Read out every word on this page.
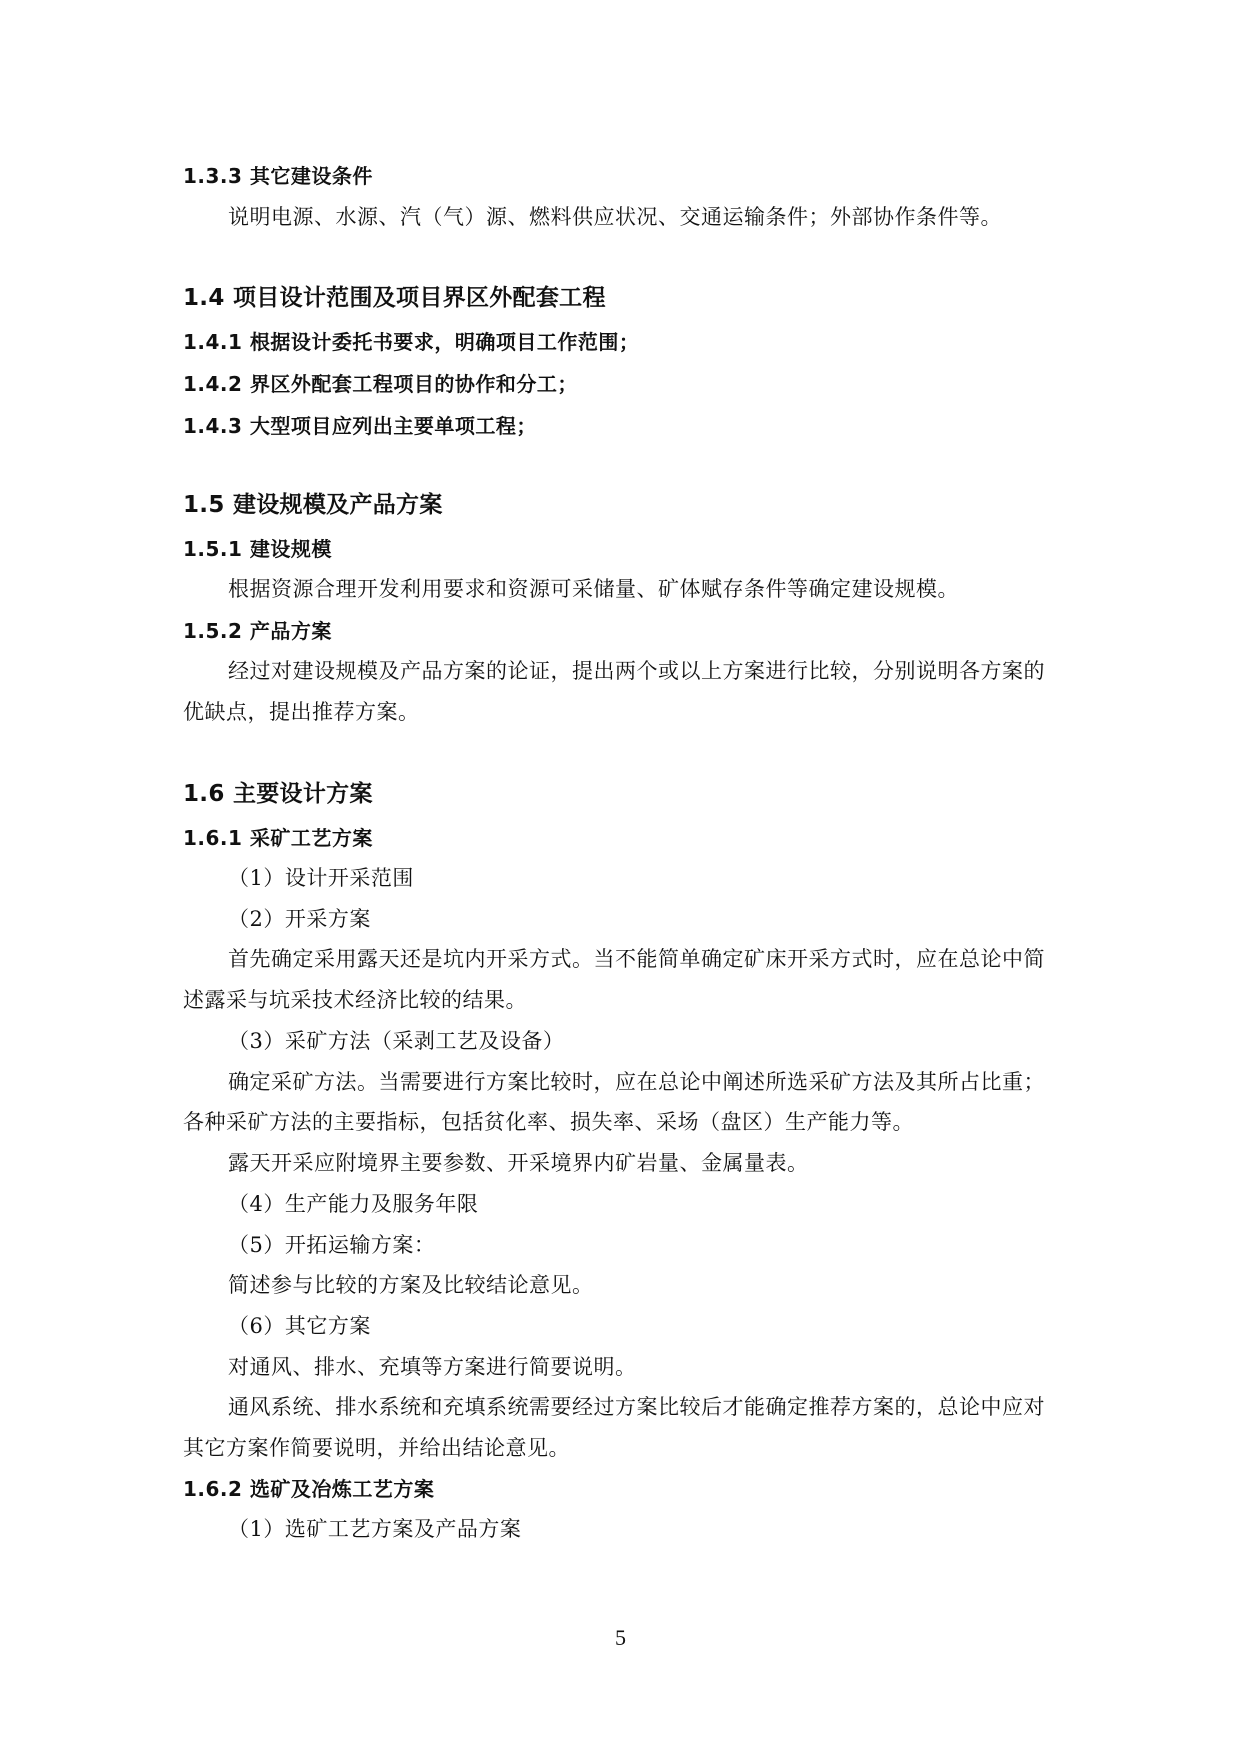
1.3.3 其它建设条件
说明电源、水源、汽（气）源、燃料供应状况、交通运输条件；外部协作条件等。
1.4 项目设计范围及项目界区外配套工程
1.4.1 根据设计委托书要求，明确项目工作范围；
1.4.2 界区外配套工程项目的协作和分工；
1.4.3 大型项目应列出主要单项工程；
1.5 建设规模及产品方案
1.5.1 建设规模
根据资源合理开发利用要求和资源可采储量、矿体赋存条件等确定建设规模。
1.5.2 产品方案
经过对建设规模及产品方案的论证，提出两个或以上方案进行比较，分别说明各方案的
优缺点，提出推荐方案。
1.6 主要设计方案
1.6.1 采矿工艺方案
（1）设计开采范围
（2）开采方案
首先确定采用露天还是坑内开采方式。当不能简单确定矿床开采方式时，应在总论中简
述露采与坑采技术经济比较的结果。
（3）采矿方法（采剥工艺及设备）
确定采矿方法。当需要进行方案比较时，应在总论中阐述所选采矿方法及其所占比重；
各种采矿方法的主要指标，包括贫化率、损失率、采场（盘区）生产能力等。
露天开采应附境界主要参数、开采境界内矿岩量、金属量表。
（4）生产能力及服务年限
（5）开拓运输方案：
简述参与比较的方案及比较结论意见。
（6）其它方案
对通风、排水、充填等方案进行简要说明。
通风系统、排水系统和充填系统需要经过方案比较后才能确定推荐方案的，总论中应对
其它方案作简要说明，并给出结论意见。
1.6.2 选矿及冶炼工艺方案
（1）选矿工艺方案及产品方案
5
